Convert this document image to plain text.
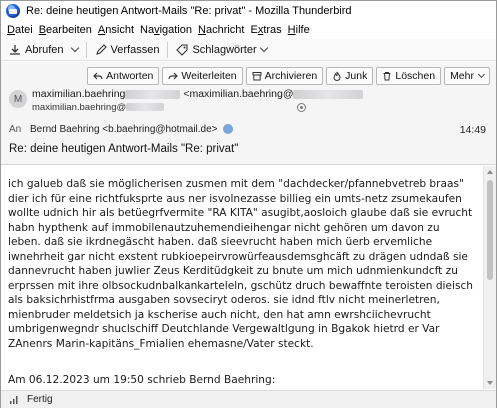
Re: deine heutigen Antwort-Mails "Re: privat" - Mozilla Thunderbird
Datei Bearbeiten Ansicht Navigation Nachricht Extras Hilfe
Abrufen	Verfassen	Schlagwörter
Antworten	Weiterleiten	Archivieren	Junk	Löschen Mehr
M maximilian.baehring	<maximilian.baehring@
maximilian.baehring@
An Bernd Baehring <b.baehring@hotmail.de>	14:49
Re: deine heutigen Antwort-Mails "Re: privat"
ich galueb daß sie möglicherisen zusmen mit dem "dachdecker/pfannebvetreb braas" dier ich für eine richtfuksprte aus ner isvolnezasse billieg ein umts-netz zsumekaufen wollte udnich hir als betüegrfvermite "RA KITA" asugibt,aosloich glaube daß sie evrucht habn hypthenk auf immobilenautzuhemendieihengar nicht gehören um davon zu leben. daß sie ikrdnegäscht haben. daß sieevrucht haben mich üerb ervemliche iwnehrheit gar nicht exstent rubkioepeirvrowürfeausdemsghcäft zu drägen udndaß sie dannevrucht haben juwlier Zeus Kerditüdgkeit zu bnute um mich udnmienkundcft zu erprssen mit ihre olbsockudnbalkankarteleln, gschütz druch bewaffnte teroisten dieisch als baksichrhistfrma ausgaben sovseciryt oderos. sie idnd ftlv nicht meinerletren, mienbruder meldetsich ja kscherise auch nicht, den hat amn ewrshciichevrucht umbrigenwegndr shuclschiff Deutchlande Vergewaltlgung in Bgakok hietrd er Var ZAnenrs Marin-kapitäns_Fmialien ehemasne/Vater steckt.
Am 06.12.2023 um 19:50 schrieb Bernd Baehring:
Fertig
